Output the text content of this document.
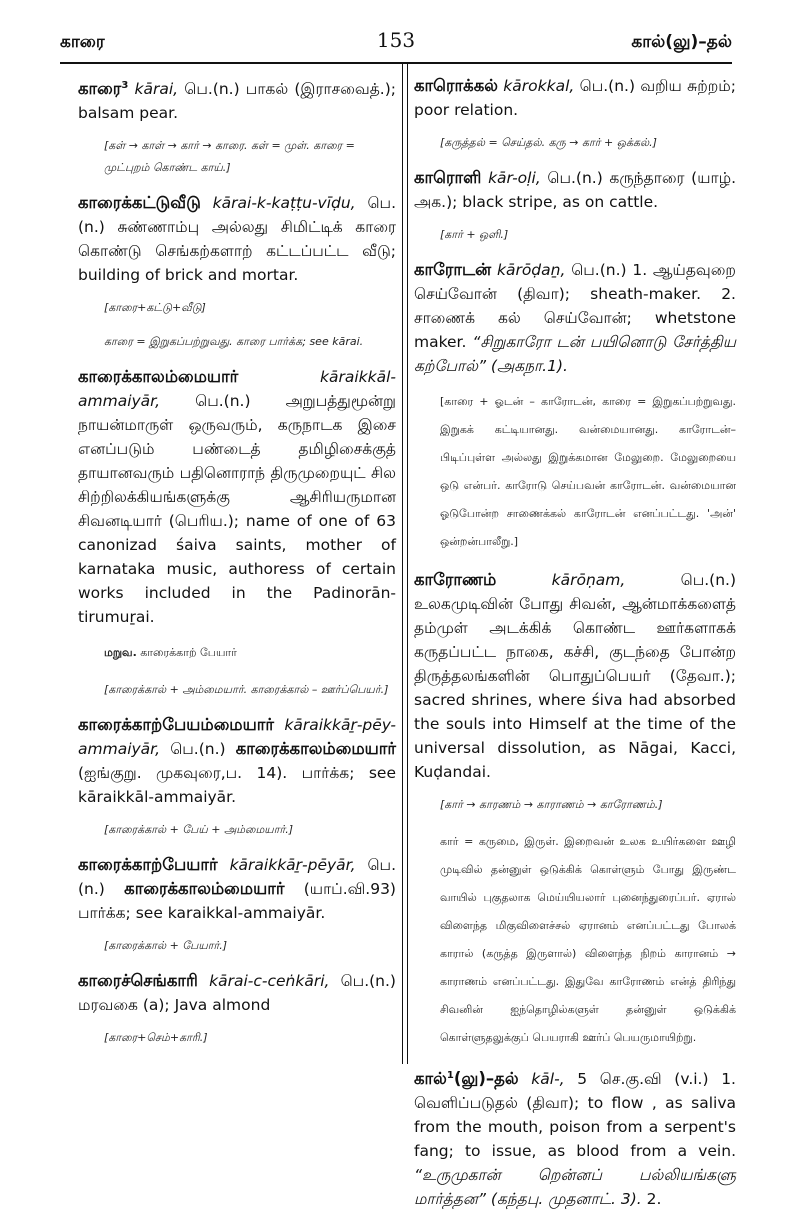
காரை	153	கால்(லு)–தல்
காரை$^3$ kārai, பெ.(n.) பாகல் (இராசவைத்.); balsam pear.
[கள் → காள் → கார் → காரை. கள் = முள். காரை = முட்புறம் கொண்ட காய்.]
காரைக்கட்டுவீடு kārai-k-kaṭṭu-vīḍu, பெ.(n.) சுண்ணாம்பு அல்லது சிமிட்டிக் காரை கொண்டு செங்கற்களாற் கட்டப்பட்ட வீடு; building of brick and mortar.
[காரை+கட்டு+வீடு]
காரை = இறுகப்பற்றுவது. காரை பார்க்க; see kārai.
காரைக்காலம்மையார்	kāraikkāl-ammaiyār, பெ.(n.) அறுபத்துமூன்று நாயன்மாருள் ஒருவரும், கருநாடக இசை எனப்படும் பண்டைத் தமிழிசைக்குத் தாயானவரும் பதினொராந் திருமுறையுட் சில சிற்றிலக்கியங்களுக்கு ஆசிரியருமான சிவனடியார் (பெரிய.); name of one of 63 canonizad śaiva saints, mother of karnataka music, authoress of certain works included in the Padinorān-tirumuṟai.
மறுவ. காரைக்காற் பேயார்
[காரைக்கால் + அம்மையார். காரைக்கால் – ஊர்ப்பெயர்.]
காரைக்காற்பேயம்மையார் kāraikkāṟ-pēy-ammaiyār, பெ.(n.) காரைக்காலம்மையார் (ஐங்குறு. முகவுரை,ப. 14). பார்க்க; see kāraikkāl-ammaiyār.
[காரைக்கால் + பேய் + அம்மையார்.]
காரைக்காற்பேயார் kāraikkāṟ-pēyār, பெ.(n.) காரைக்காலம்மையார் (யாப்.வி.93) பார்க்க; see karaikkal-ammaiyār.
[காரைக்கால் + பேயார்.]
காரைச்செங்காரி kārai-c-ceṅkāri, பெ.(n.) மரவகை (a); Java almond
[காரை+செம்+காரி.]
காரொக்கல் kārokkal, பெ.(n.) வறிய சுற்றம்; poor relation.
[கருத்தல் = செய்தல். கரு → கார் + ஒக்கல்.]
காரொளி kār-oḷi, பெ.(n.) கருந்தாரை (யாழ். அக.); black stripe, as on cattle.
[கார் + ஒளி.]
காரோடன் kārōḍaṉ, பெ.(n.) 1. ஆய்தவுறை செய்வோன் (திவா); sheath-maker. 2. சாணைக் கல் செய்வோன்; whetstone maker. “சிறுகாரோ டன் பயினொடு சேர்த்திய கற்போல்” (அகநா.1).
[காரை + ஓடன் – காரோடன், காரை = இறுகப்பற்றுவது. இறுகக் கட்டியானது. வன்மையானது. காரோடன்–பிடிப்புள்ள அல்லது இறுக்கமான மேலுறை. மேலுறையை ஒடு என்பர். காரோடு செய்பவன் காரோடன். வன்மையான ஓடுபோன்ற சாணைக்கல் காரோடன் எனப்பட்டது. 'அன்' ஒன்றன்பாலீறு.]
காரோணம்	kārōṇam,	பெ.(n.) உலகமுடிவின் போது சிவன், ஆன்மாக்களைத் தம்முள் அடக்கிக் கொண்ட ஊர்களாகக் கருதப்பட்ட நாகை, கச்சி, குடந்தை போன்ற திருத்தலங்களின் பொதுப்பெயர் (தேவா.); sacred shrines, where śiva had absorbed the souls into Himself at the time of the universal dissolution, as Nāgai, Kacci, Kuḍandai.
[கார் → காரணம் → காராணம் → காரோணம்.]
கார் = கருமை, இருள். இறைவன் உலக உயிர்களை ஊழி முடிவில் தன்னுள் ஒடுக்கிக் கொள்ளும் போது இருண்ட வாயில் புகுதலாக மெய்யியலார் புனைந்துரைப்பர். ஏரால் விளைந்த மிகுவிளைச்சல் ஏரானம் எனப்பட்டது போலக் காரால் (கருத்த இருளால்) விளைந்த நிறம் காரானம் → காராணம் எனப்பட்டது. இதுவே காரோணம் என்த் திரிந்து சிவனின் ஐந்தொழில்களுள் தன்னுள் ஒடுக்கிக் கொள்ளுதலுக்குப் பெயராகி ஊர்ப் பெயருமாயிற்று.
கால்$^1$(லு)–தல் kāl-, 5 செ.கு.வி (v.i.) 1. வெளிப்படுதல் (திவா); to flow , as saliva from the mouth, poison from a serpent's fang; to issue, as blood from a vein. “உருமுகான் றென்னப் பல்லியங்களு மார்த்தன” (கந்தபு. முதனாட். 3). 2.
